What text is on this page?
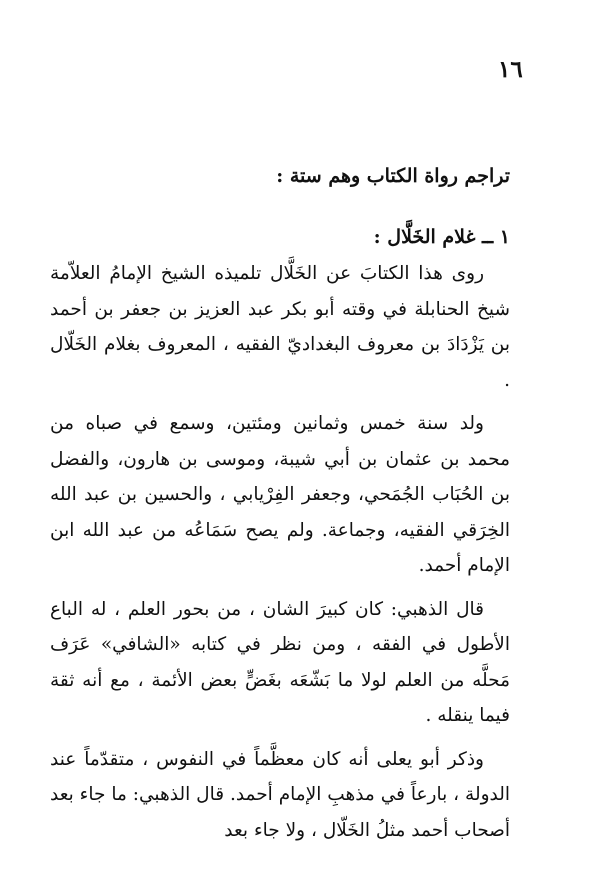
١٦
تراجم رواة الكتاب وهم ستة :
١ ــ غلام الخَلَّال :

روى هذا الكتابَ عن الخَلَّال تلميذه الشيخ الإمامُ العلاّمة شيخ الحنابلة في وقته أبو بكر عبد العزيز بن جعفر بن أحمد بن يَزْدَادَ بن معروف البغداديّ الفقيه ، المعروف بغلام الخَلّال .

ولد سنة خمس وثمانين ومئتين، وسمع في صباه من محمد بن عثمان بن أبي شيبة، وموسى بن هارون، والفضل بن الحُبَاب الجُمَحي، وجعفر الفِرْيابي ، والحسين بن عبد الله الخِرَقي الفقيه، وجماعة. ولم يصح سَمَاعُه من عبد الله ابن الإمام أحمد.

قال الذهبي: كان كبيرَ الشان ، من بحور العلم ، له الباع الأطول في الفقه ، ومن نظر في كتابه «الشافي» عَرَف مَحلَّه من العلم لولا ما بَشّعَه بغَضٍّ بعض الأئمة ، مع أنه ثقة فيما ينقله .

وذكر أبو يعلى أنه كان معظَّماً في النفوس ، متقدّماً عند الدولة ، بارعاً في مذهبِ الإمام أحمد. قال الذهبي: ما جاء بعد أصحاب أحمد مثلُ الخَلّال ، ولا جاء بعد
